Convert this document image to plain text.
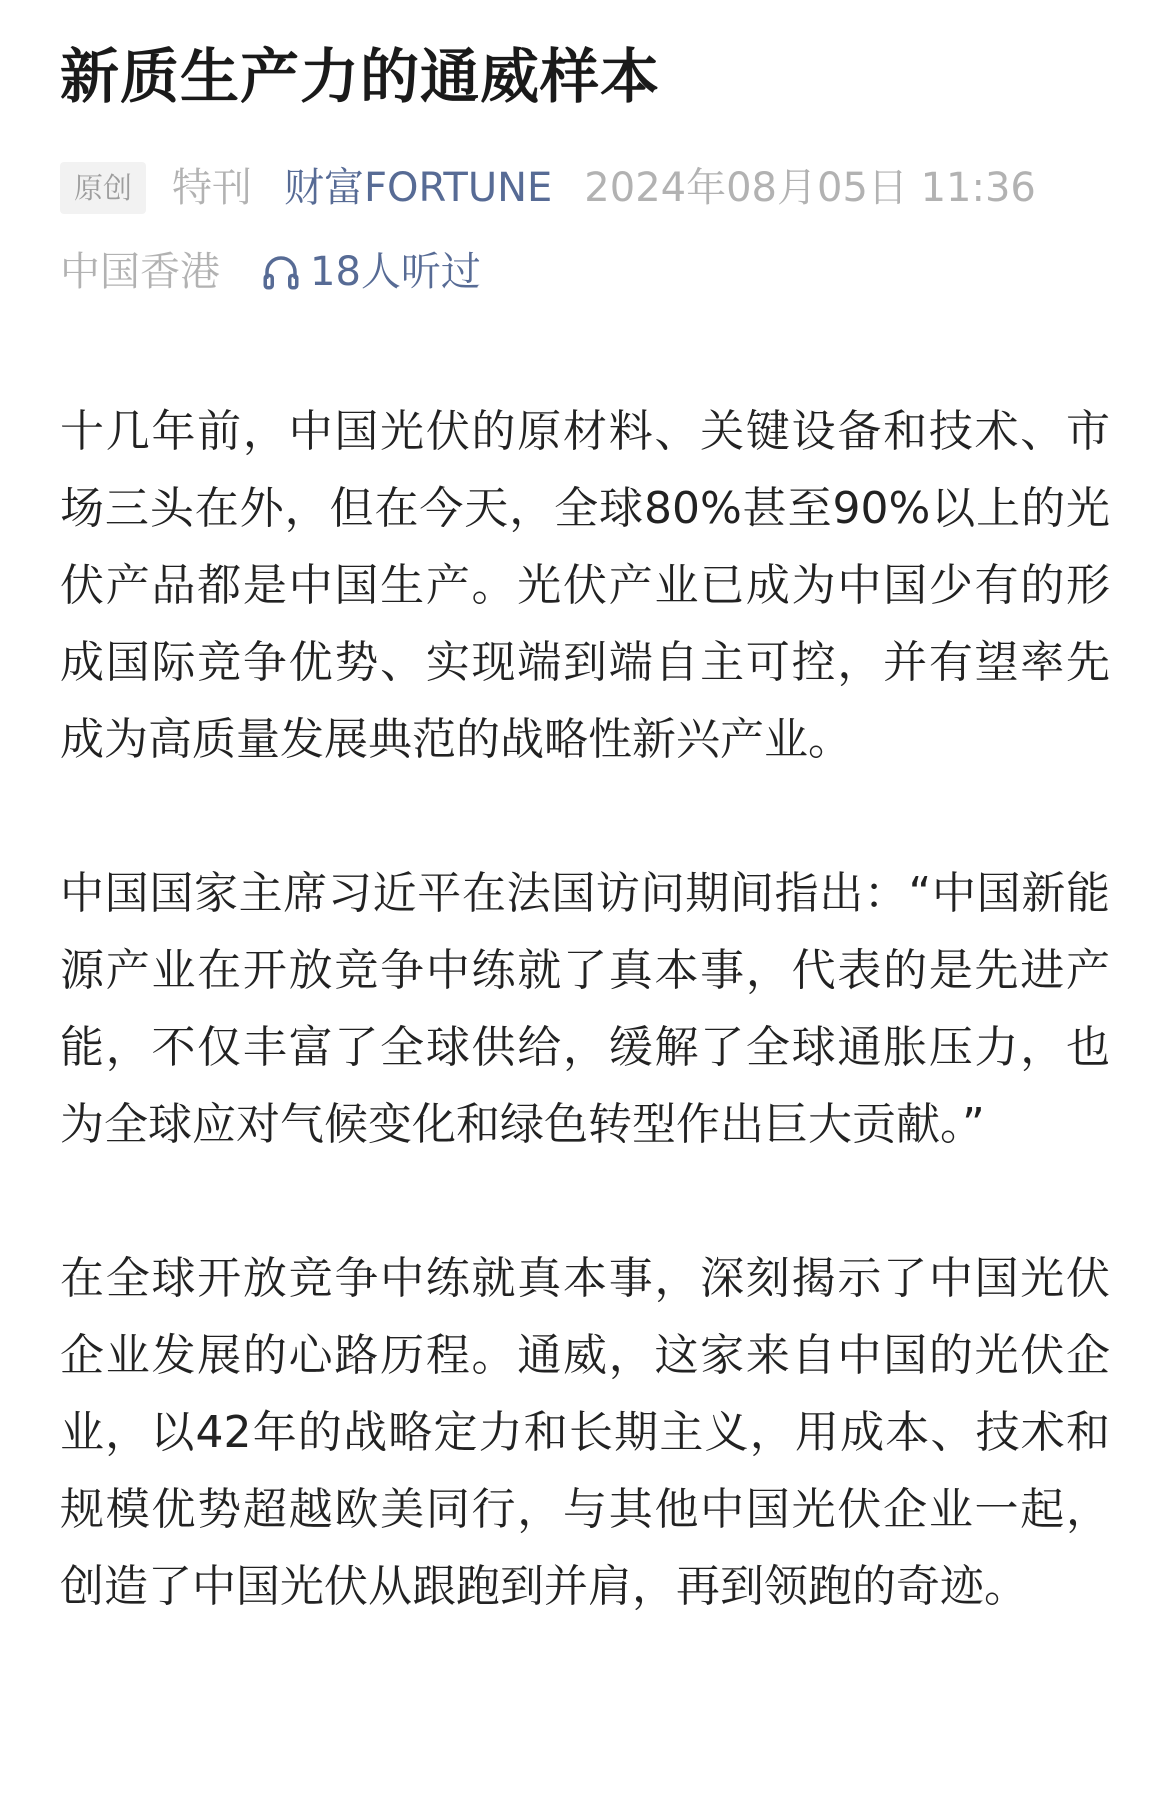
新质生产力的通威样本
原创	特刊 财富FORTUNE 2024年08月05日 11:36
中国香港 18人听过

十几年前，中国光伏的原材料、关键设备和技术、市场三头在外，但在今天，全球80%甚至90%以上的光伏产品都是中国生产。光伏产业已成为中国少有的形成国际竞争优势、实现端到端自主可控，并有望率先成为高质量发展典范的战略性新兴产业。

中国国家主席习近平在法国访问期间指出：“中国新能源产业在开放竞争中练就了真本事，代表的是先进产能，不仅丰富了全球供给，缓解了全球通胀压力，也为全球应对气候变化和绿色转型作出巨大贡献。”

在全球开放竞争中练就真本事，深刻揭示了中国光伏企业发展的心路历程。通威，这家来自中国的光伏企业，以42年的战略定力和长期主义，用成本、技术和规模优势超越欧美同行，与其他中国光伏企业一起，创造了中国光伏从跟跑到并肩，再到领跑的奇迹。
